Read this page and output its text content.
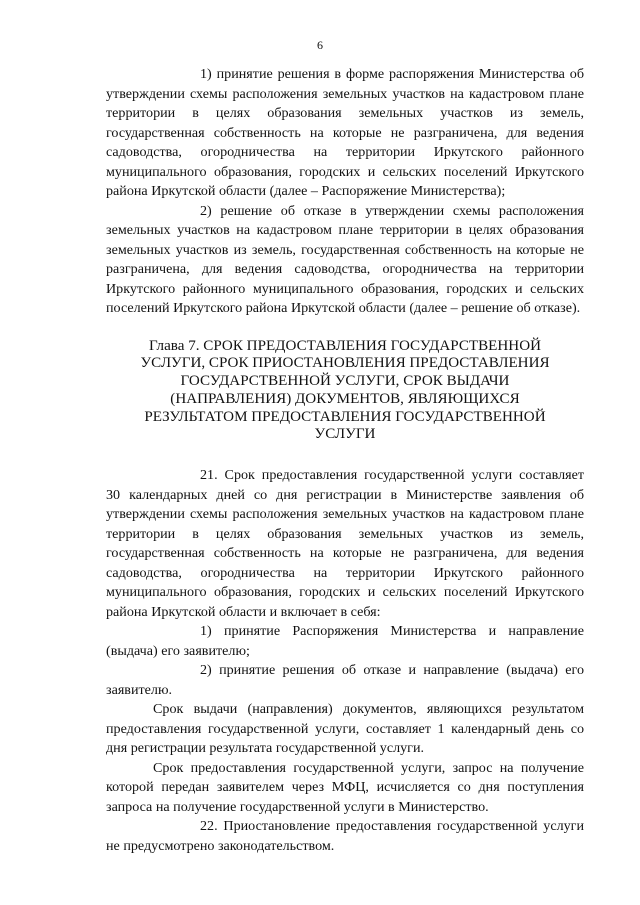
6

1) принятие решения в форме распоряжения Министерства об утверждении схемы расположения земельных участков на кадастровом плане территории в целях образования земельных участков из земель, государственная собственность на которые не разграничена, для ведения садоводства, огородничества на территории Иркутского районного муниципального образования, городских и сельских поселений Иркутского района Иркутской области (далее – Распоряжение Министерства);

2) решение об отказе в утверждении схемы расположения земельных участков на кадастровом плане территории в целях образования земельных участков из земель, государственная собственность на которые не разграничена, для ведения садоводства, огородничества на территории Иркутского районного муниципального образования, городских и сельских поселений Иркутского района Иркутской области (далее – решение об отказе).

Глава 7. СРОК ПРЕДОСТАВЛЕНИЯ ГОСУДАРСТВЕННОЙ УСЛУГИ, СРОК ПРИОСТАНОВЛЕНИЯ ПРЕДОСТАВЛЕНИЯ ГОСУДАРСТВЕННОЙ УСЛУГИ, СРОК ВЫДАЧИ (НАПРАВЛЕНИЯ) ДОКУМЕНТОВ, ЯВЛЯЮЩИХСЯ РЕЗУЛЬТАТОМ ПРЕДОСТАВЛЕНИЯ ГОСУДАРСТВЕННОЙ УСЛУГИ

21. Срок предоставления государственной услуги составляет 30 календарных дней со дня регистрации в Министерстве заявления об утверждении схемы расположения земельных участков на кадастровом плане территории в целях образования земельных участков из земель, государственная собственность на которые не разграничена, для ведения садоводства, огородничества на территории Иркутского районного муниципального образования, городских и сельских поселений Иркутского района Иркутской области и включает в себя:

1) принятие Распоряжения Министерства и направление (выдача) его заявителю;

2) принятие решения об отказе и направление (выдача) его заявителю.

Срок выдачи (направления) документов, являющихся результатом предоставления государственной услуги, составляет 1 календарный день со дня регистрации результата государственной услуги.

Срок предоставления государственной услуги, запрос на получение которой передан заявителем через МФЦ, исчисляется со дня поступления запроса на получение государственной услуги в Министерство.

22. Приостановление предоставления государственной услуги не предусмотрено законодательством.
